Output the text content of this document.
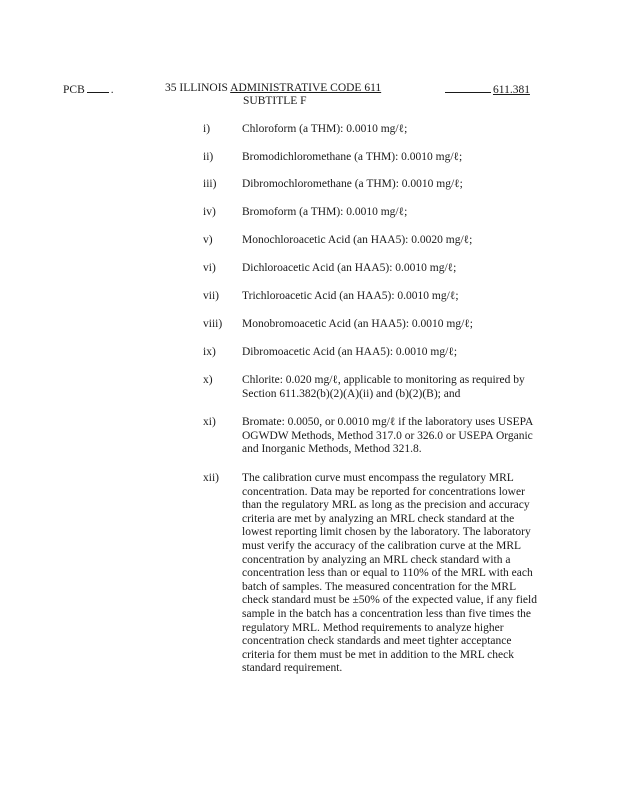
PCB .	35 ILLINOIS ADMINISTRATIVE CODE 611
SUBTITLE F
611.381
i)	Chloroform (a THM): 0.0010 mg/ℓ;
ii)	Bromodichloromethane (a THM): 0.0010 mg/ℓ;
iii)	Dibromochloromethane (a THM): 0.0010 mg/ℓ;
iv)	Bromoform (a THM): 0.0010 mg/ℓ;
v)	Monochloroacetic Acid (an HAA5): 0.0020 mg/ℓ;
vi)	Dichloroacetic Acid (an HAA5): 0.0010 mg/ℓ;
vii)	Trichloroacetic Acid (an HAA5): 0.0010 mg/ℓ;
viii)	Monobromoacetic Acid (an HAA5): 0.0010 mg/ℓ;
ix)	Dibromoacetic Acid (an HAA5): 0.0010 mg/ℓ;
x)	Chlorite: 0.020 mg/ℓ, applicable to monitoring as required by Section 611.382(b)(2)(A)(ii) and (b)(2)(B); and
xi)	Bromate: 0.0050, or 0.0010 mg/ℓ if the laboratory uses USEPA OGWDW Methods, Method 317.0 or 326.0 or USEPA Organic and Inorganic Methods, Method 321.8.
xii)	The calibration curve must encompass the regulatory MRL concentration. Data may be reported for concentrations lower than the regulatory MRL as long as the precision and accuracy criteria are met by analyzing an MRL check standard at the lowest reporting limit chosen by the laboratory. The laboratory must verify the accuracy of the calibration curve at the MRL concentration by analyzing an MRL check standard with a concentration less than or equal to 110% of the MRL with each batch of samples. The measured concentration for the MRL check standard must be ±50% of the expected value, if any field sample in the batch has a concentration less than five times the regulatory MRL. Method requirements to analyze higher concentration check standards and meet tighter acceptance criteria for them must be met in addition to the MRL check standard requirement.
